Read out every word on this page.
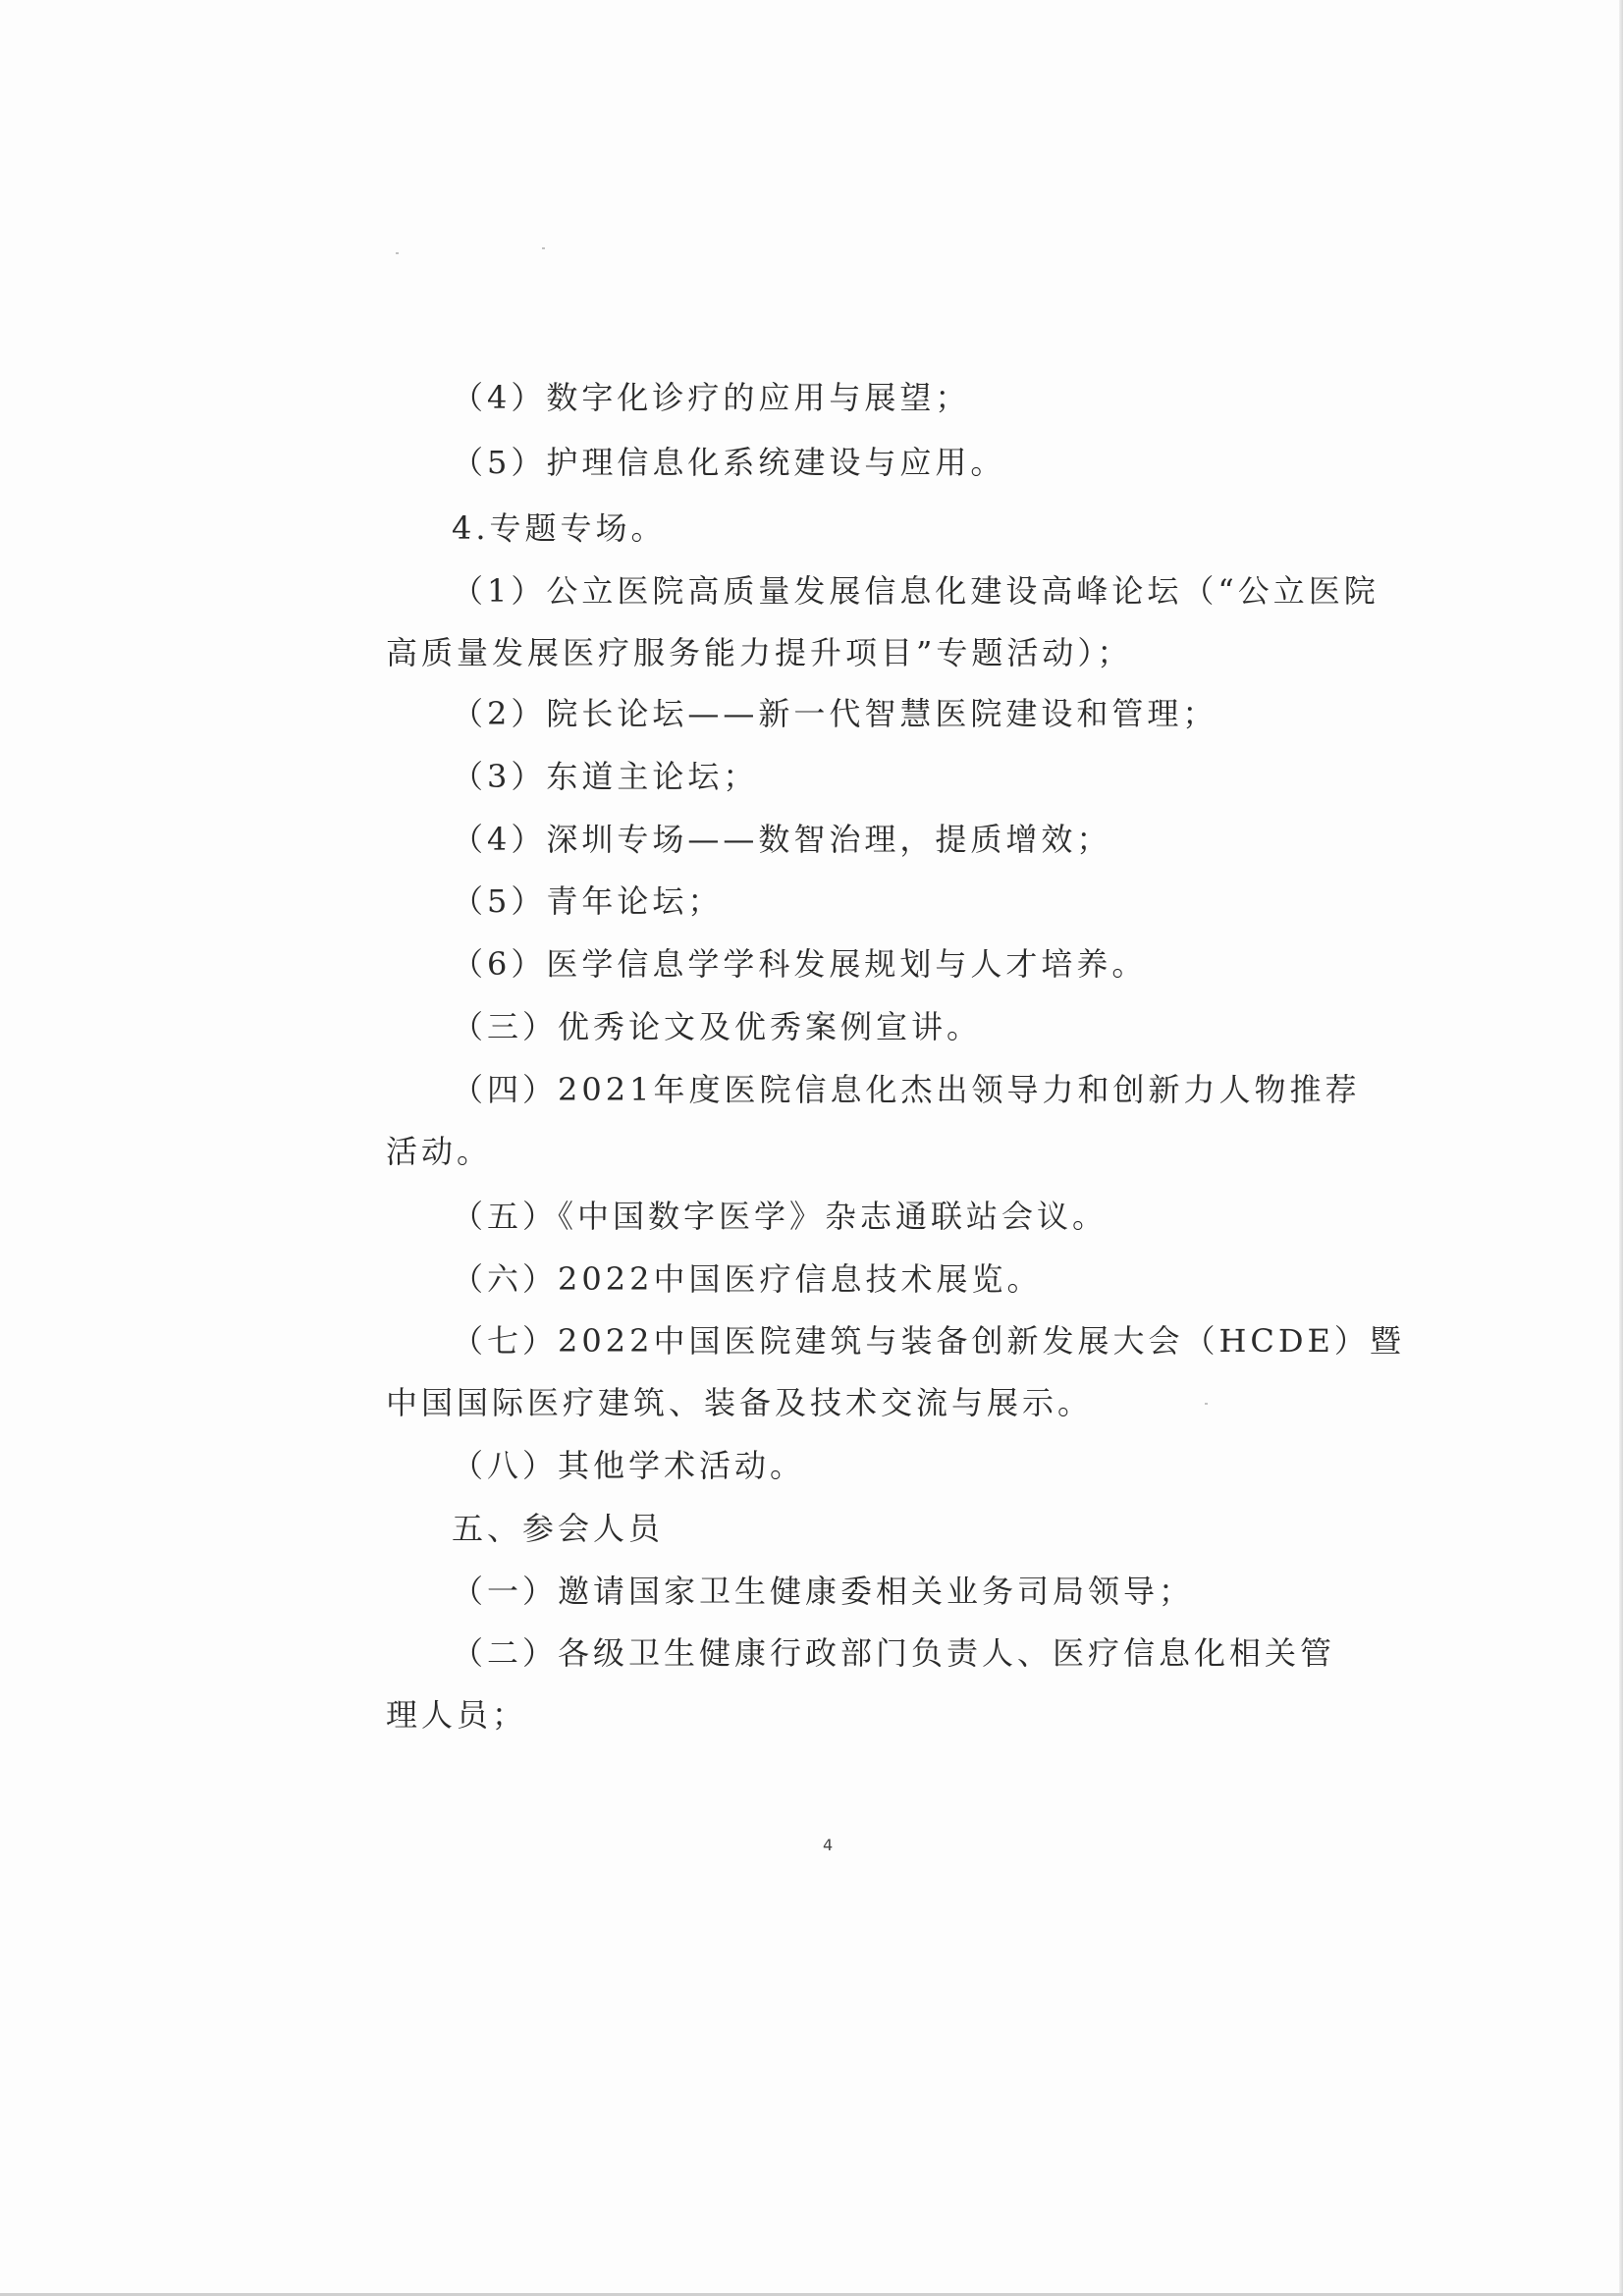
（4）数字化诊疗的应用与展望；
（5）护理信息化系统建设与应用。
4.专题专场。
（1）公立医院高质量发展信息化建设高峰论坛（“公立医院
高质量发展医疗服务能力提升项目”专题活动）；
（2）院长论坛——新一代智慧医院建设和管理；
（3）东道主论坛；
（4）深圳专场——数智治理，提质增效；
（5）青年论坛；
（6）医学信息学学科发展规划与人才培养。
（三）优秀论文及优秀案例宣讲。
（四）2021年度医院信息化杰出领导力和创新力人物推荐
活动。
（五）《中国数字医学》杂志通联站会议。
（六）2022中国医疗信息技术展览。
（七）2022中国医院建筑与装备创新发展大会（HCDE）暨
中国国际医疗建筑、装备及技术交流与展示。
（八）其他学术活动。
五、参会人员
（一）邀请国家卫生健康委相关业务司局领导；
（二）各级卫生健康行政部门负责人、医疗信息化相关管
理人员；
4
